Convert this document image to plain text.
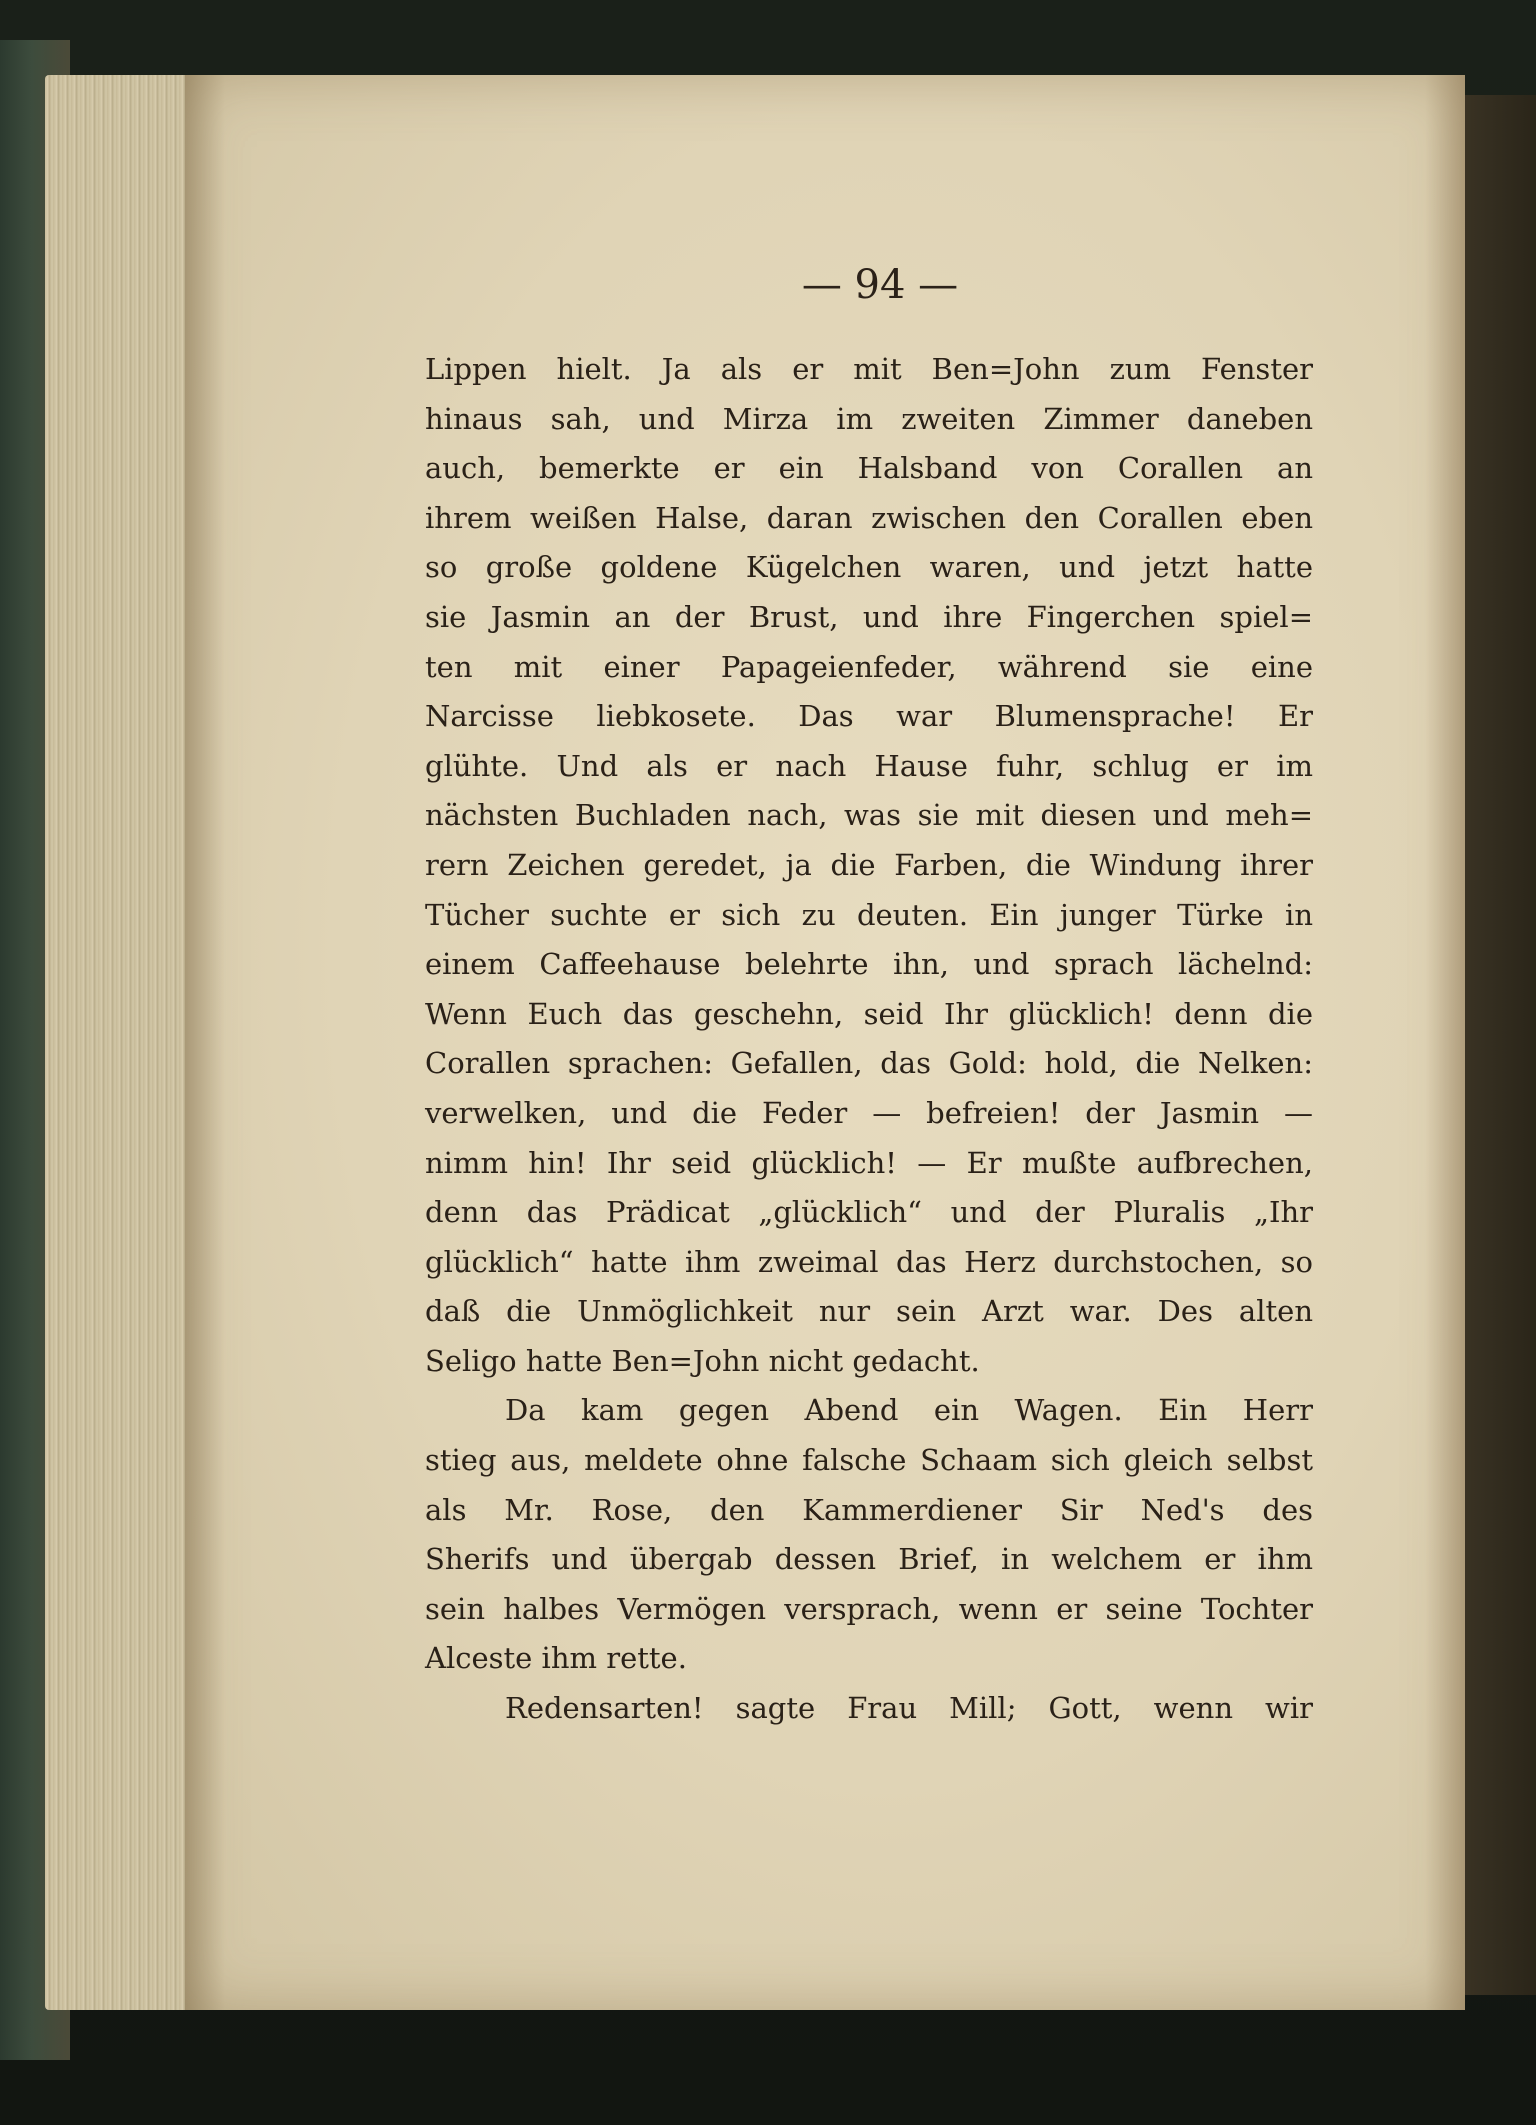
— 94 —
Lippen hielt. Ja als er mit Ben=John zum Fenster
hinaus sah, und Mirza im zweiten Zimmer daneben
auch, bemerkte er ein Halsband von Corallen an
ihrem weißen Halse, daran zwischen den Corallen eben
so große goldene Kügelchen waren, und jetzt hatte
sie Jasmin an der Brust, und ihre Fingerchen spiel=
ten mit einer Papageienfeder, während sie eine
Narcisse liebkosete. Das war Blumensprache! Er
glühte. Und als er nach Hause fuhr, schlug er im
nächsten Buchladen nach, was sie mit diesen und meh=
rern Zeichen geredet, ja die Farben, die Windung ihrer
Tücher suchte er sich zu deuten. Ein junger Türke in
einem Caffeehause belehrte ihn, und sprach lächelnd:
Wenn Euch das geschehn, seid Ihr glücklich! denn die
Corallen sprachen: Gefallen, das Gold: hold, die Nelken:
verwelken, und die Feder — befreien! der Jasmin —
nimm hin! Ihr seid glücklich! — Er mußte aufbrechen,
denn das Prädicat „glücklich“ und der Pluralis „Ihr
glücklich“ hatte ihm zweimal das Herz durchstochen, so
daß die Unmöglichkeit nur sein Arzt war. Des alten
Seligo hatte Ben=John nicht gedacht.
Da kam gegen Abend ein Wagen. Ein Herr
stieg aus, meldete ohne falsche Schaam sich gleich selbst
als Mr. Rose, den Kammerdiener Sir Ned's des
Sherifs und übergab dessen Brief, in welchem er ihm
sein halbes Vermögen versprach, wenn er seine Tochter
Alceste ihm rette.
Redensarten! sagte Frau Mill; Gott, wenn wir
